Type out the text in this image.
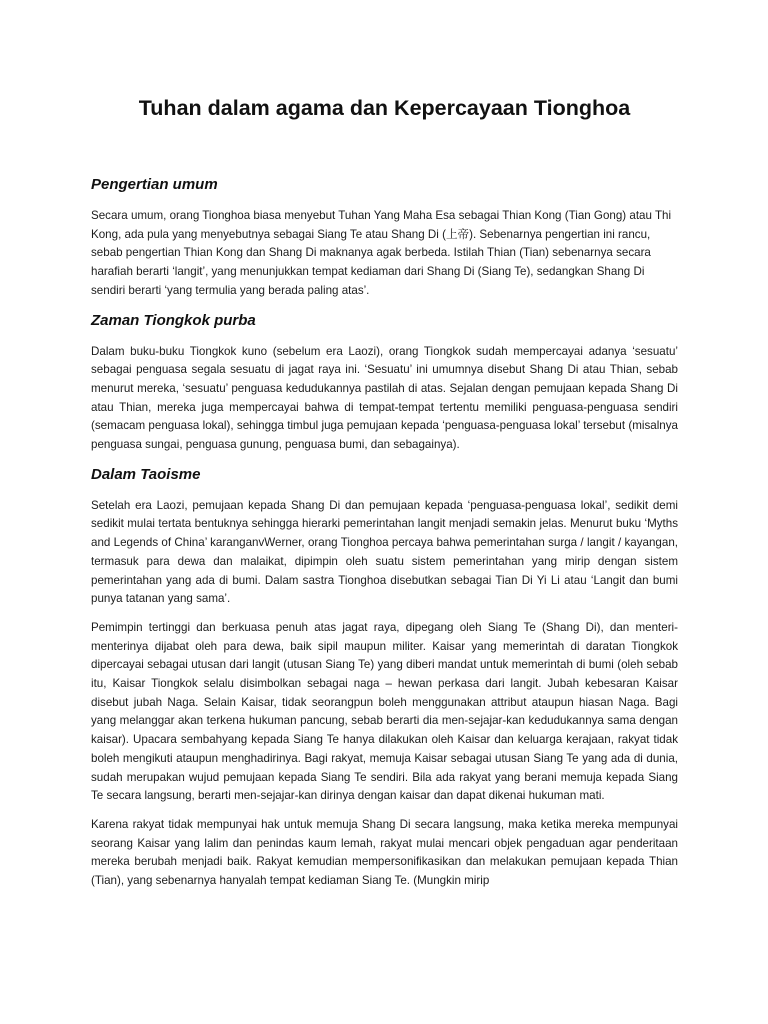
Tuhan dalam agama dan Kepercayaan Tionghoa
Pengertian umum

Secara umum, orang Tionghoa biasa menyebut Tuhan Yang Maha Esa sebagai Thian Kong (Tian Gong) atau Thi Kong, ada pula yang menyebutnya sebagai Siang Te atau Shang Di (上帝). Sebenarnya pengertian ini rancu, sebab pengertian Thian Kong dan Shang Di maknanya agak berbeda. Istilah Thian (Tian) sebenarnya secara harafiah berarti ‘langit’, yang menunjukkan tempat kediaman dari Shang Di (Siang Te), sedangkan Shang Di sendiri berarti ‘yang termulia yang berada paling atas’.

Zaman Tiongkok purba

Dalam buku-buku Tiongkok kuno (sebelum era Laozi), orang Tiongkok sudah mempercayai adanya ‘sesuatu’ sebagai penguasa segala sesuatu di jagat raya ini. ‘Sesuatu’ ini umumnya disebut Shang Di atau Thian, sebab menurut mereka, ‘sesuatu’ penguasa kedudukannya pastilah di atas. Sejalan dengan pemujaan kepada Shang Di atau Thian, mereka juga mempercayai bahwa di tempat-tempat tertentu memiliki penguasa-penguasa sendiri (semacam penguasa lokal), sehingga timbul juga pemujaan kepada ‘penguasa-penguasa lokal’ tersebut (misalnya penguasa sungai, penguasa gunung, penguasa bumi, dan sebagainya).

Dalam Taoisme

Setelah era Laozi, pemujaan kepada Shang Di dan pemujaan kepada ‘penguasa-penguasa lokal’, sedikit demi sedikit mulai tertata bentuknya sehingga hierarki pemerintahan langit menjadi semakin jelas. Menurut buku ‘Myths and Legends of China’ karanganvWerner, orang Tionghoa percaya bahwa pemerintahan surga / langit / kayangan, termasuk para dewa dan malaikat, dipimpin oleh suatu sistem pemerintahan yang mirip dengan sistem pemerintahan yang ada di bumi. Dalam sastra Tionghoa disebutkan sebagai Tian Di Yi Li atau ‘Langit dan bumi punya tatanan yang sama’.

Pemimpin tertinggi dan berkuasa penuh atas jagat raya, dipegang oleh Siang Te (Shang Di), dan menteri-menterinya dijabat oleh para dewa, baik sipil maupun militer. Kaisar yang memerintah di daratan Tiongkok dipercayai sebagai utusan dari langit (utusan Siang Te) yang diberi mandat untuk memerintah di bumi (oleh sebab itu, Kaisar Tiongkok selalu disimbolkan sebagai naga – hewan perkasa dari langit. Jubah kebesaran Kaisar disebut jubah Naga. Selain Kaisar, tidak seorangpun boleh menggunakan attribut ataupun hiasan Naga. Bagi yang melanggar akan terkena hukuman pancung, sebab berarti dia men-sejajar-kan kedudukannya sama dengan kaisar). Upacara sembahyang kepada Siang Te hanya dilakukan oleh Kaisar dan keluarga kerajaan, rakyat tidak boleh mengikuti ataupun menghadirinya. Bagi rakyat, memuja Kaisar sebagai utusan Siang Te yang ada di dunia, sudah merupakan wujud pemujaan kepada Siang Te sendiri. Bila ada rakyat yang berani memuja kepada Siang Te secara langsung, berarti men-sejajar-kan dirinya dengan kaisar dan dapat dikenai hukuman mati.

Karena rakyat tidak mempunyai hak untuk memuja Shang Di secara langsung, maka ketika mereka mempunyai seorang Kaisar yang lalim dan penindas kaum lemah, rakyat mulai mencari objek pengaduan agar penderitaan mereka berubah menjadi baik. Rakyat kemudian mempersonifikasikan dan melakukan pemujaan kepada Thian (Tian), yang sebenarnya hanyalah tempat kediaman Siang Te. (Mungkin mirip
